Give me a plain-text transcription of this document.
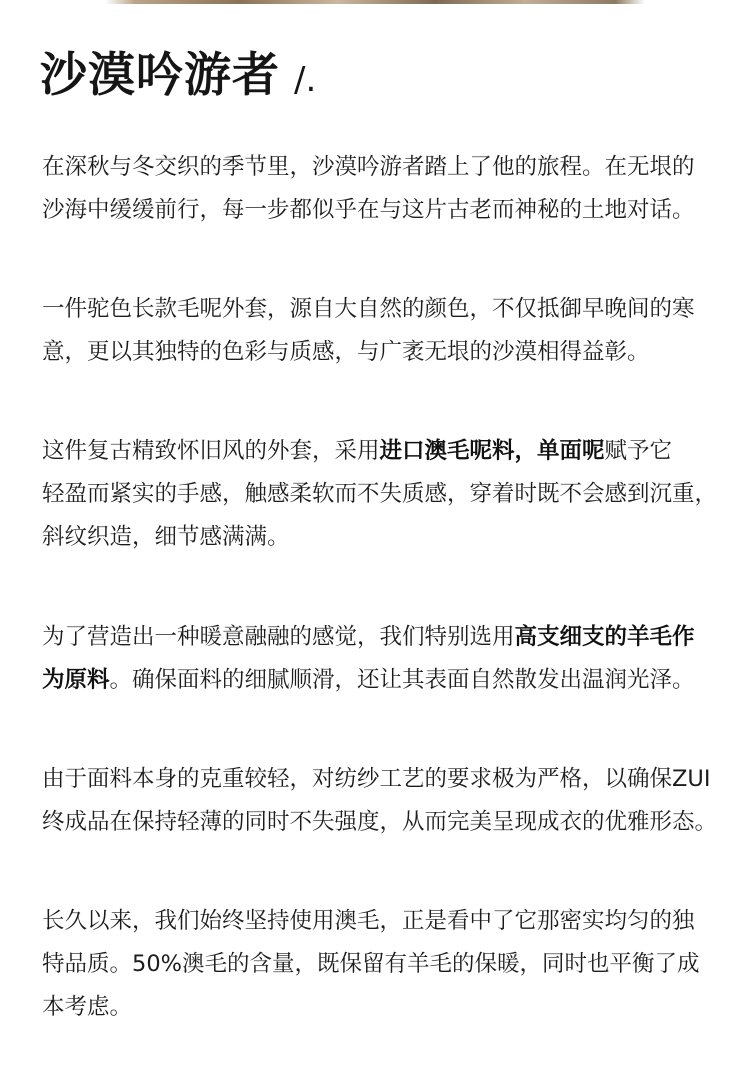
沙漠吟游者 /.

在深秋与冬交织的季节里，沙漠吟游者踏上了他的旅程。在无垠的
沙海中缓缓前行，每一步都似乎在与这片古老而神秘的土地对话。

一件驼色长款毛呢外套，源自大自然的颜色，不仅抵御早晚间的寒
意，更以其独特的色彩与质感，与广袤无垠的沙漠相得益彰。

这件复古精致怀旧风的外套，采用进口澳毛呢料，单面呢赋予它
轻盈而紧实的手感，触感柔软而不失质感，穿着时既不会感到沉重，
斜纹织造，细节感满满。

为了营造出一种暖意融融的感觉，我们特别选用高支细支的羊毛作
为原料。确保面料的细腻顺滑，还让其表面自然散发出温润光泽。

由于面料本身的克重较轻，对纺纱工艺的要求极为严格，以确保ZUI
终成品在保持轻薄的同时不失强度，从而完美呈现成衣的优雅形态。

长久以来，我们始终坚持使用澳毛，正是看中了它那密实均匀的独
特品质。50%澳毛的含量，既保留有羊毛的保暖，同时也平衡了成
本考虑。
